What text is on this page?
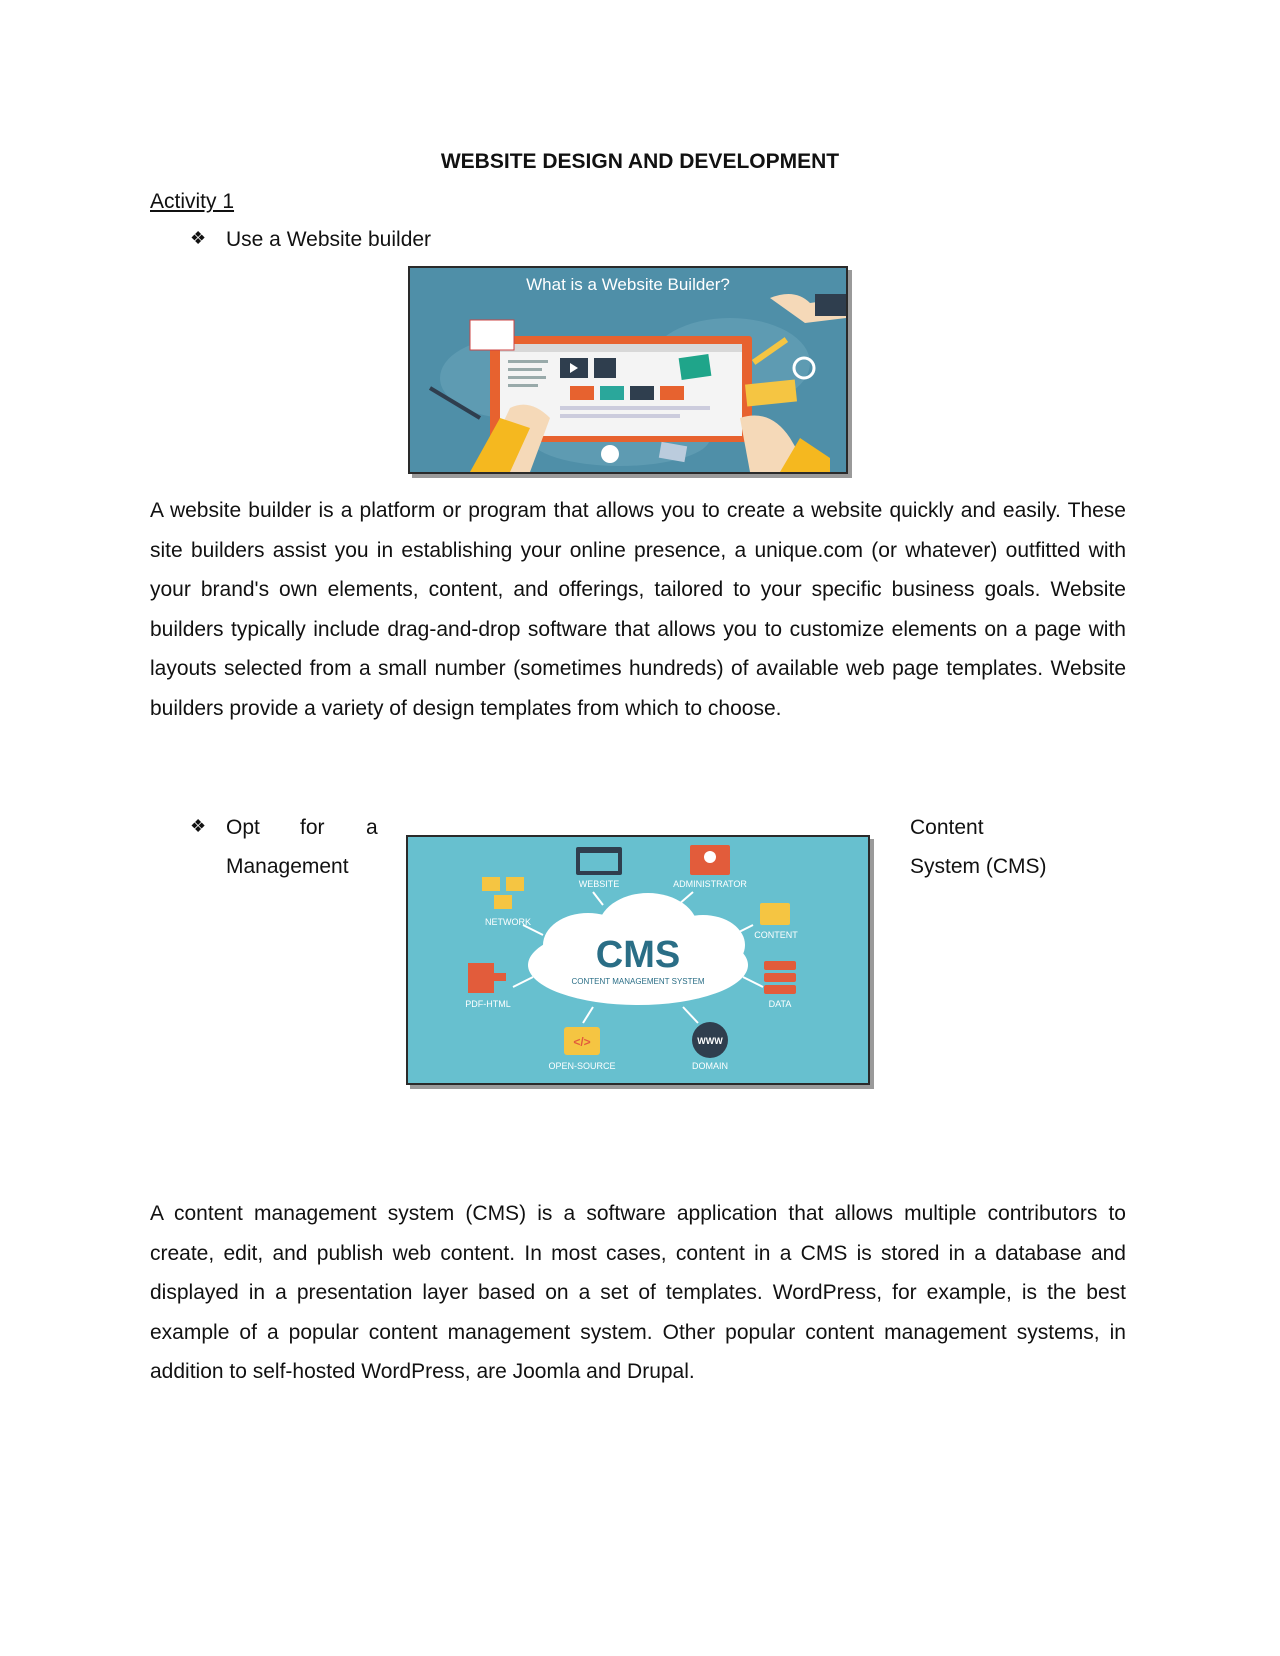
WEBSITE DESIGN AND DEVELOPMENT
Activity 1
❖ Use a Website builder
What is a Website Builder?
A website builder is a platform or program that allows you to create a website quickly and easily. These site builders assist you in establishing your online presence, a unique.com (or whatever) outfitted with your brand's own elements, content, and offerings, tailored to your specific business goals. Website builders typically include drag-and-drop software that allows you to customize elements on a page with layouts selected from a small number (sometimes hundreds) of available web page templates. Website builders provide a variety of design templates from which to choose.
❖ Opt for a
Management
Content
System (CMS)
CMS
CONTENT MANAGEMENT SYSTEM
WEBSITE	ADMINISTRATOR
NETWORK
CONTENT
PDF-HTML	DATA
</>
OPEN-SOURCE
WWW
DOMAIN
A content management system (CMS) is a software application that allows multiple contributors to create, edit, and publish web content. In most cases, content in a CMS is stored in a database and displayed in a presentation layer based on a set of templates. WordPress, for example, is the best example of a popular content management system. Other popular content management systems, in addition to self-hosted WordPress, are Joomla and Drupal.
